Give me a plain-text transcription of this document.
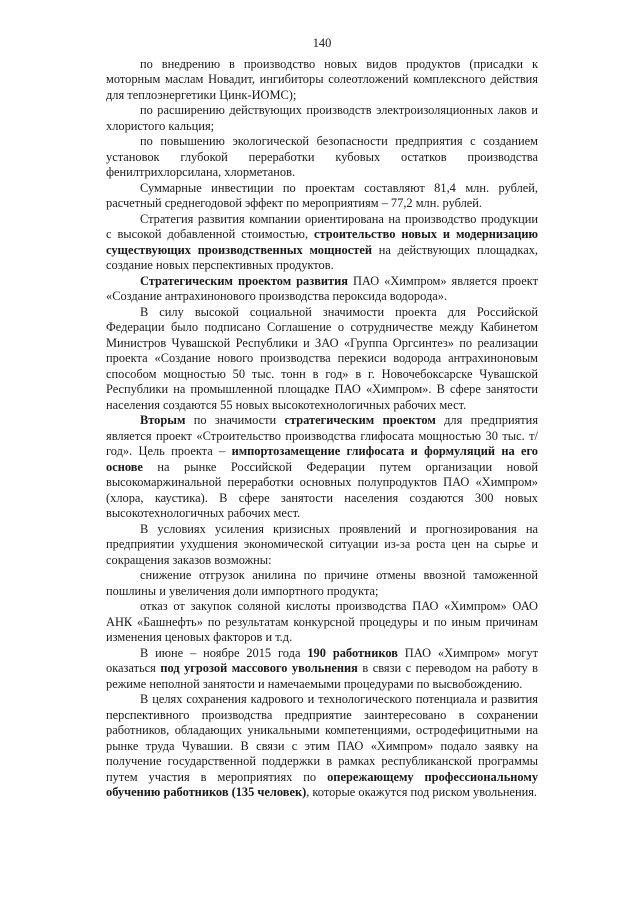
140

по внедрению в производство новых видов продуктов (присадки к моторным маслам Новадит, ингибиторы солеотложений комплексного действия для теплоэнергетики Цинк-ИОМС);

по расширению действующих производств электроизоляционных лаков и хлористого кальция;

по повышению экологической безопасности предприятия с созданием установок глубокой переработки кубовых остатков производства фенилтрихлорсилана, хлорметанов.

Суммарные инвестиции по проектам составляют 81,4 млн. рублей, расчетный среднегодовой эффект по мероприятиям – 77,2 млн. рублей.

Стратегия развития компании ориентирована на производство продукции с высокой добавленной стоимостью, строительство новых и модернизацию существующих производственных мощностей на действующих площадках, создание новых перспективных продуктов.

Стратегическим проектом развития ПАО «Химпром» является проект «Создание антрахинонового производства пероксида водорода».

В силу высокой социальной значимости проекта для Российской Федерации было подписано Соглашение о сотрудничестве между Кабинетом Министров Чувашской Республики и ЗАО «Группа Оргсинтез» по реализации проекта «Создание нового производства перекиси водорода антрахиноновым способом мощностью 50 тыс. тонн в год» в г. Новочебоксарске Чувашской Республики на промышленной площадке ПАО «Химпром». В сфере занятости населения создаются 55 новых высокотехнологичных рабочих мест.

Вторым по значимости стратегическим проектом для предприятия является проект «Строительство производства глифосата мощностью 30 тыс. т/год». Цель проекта – импортозамещение глифосата и формуляций на его основе на рынке Российской Федерации путем организации новой высокомаржинальной переработки основных полупродуктов ПАО «Химпром» (хлора, каустика). В сфере занятости населения создаются 300 новых высокотехнологичных рабочих мест.

В условиях усиления кризисных проявлений и прогнозирования на предприятии ухудшения экономической ситуации из-за роста цен на сырье и сокращения заказов возможны:

снижение отгрузок анилина по причине отмены ввозной таможенной пошлины и увеличения доли импортного продукта;

отказ от закупок соляной кислоты производства ПАО «Химпром» ОАО АНК «Башнефть» по результатам конкурсной процедуры и по иным причинам изменения ценовых факторов и т.д.

В июне – ноябре 2015 года 190 работников ПАО «Химпром» могут оказаться под угрозой массового увольнения в связи с переводом на работу в режиме неполной занятости и намечаемыми процедурами по высвобождению.

В целях сохранения кадрового и технологического потенциала и развития перспективного производства предприятие заинтересовано в сохранении работников, обладающих уникальными компетенциями, остродефицитными на рынке труда Чувашии. В связи с этим ПАО «Химпром» подало заявку на получение государственной поддержки в рамках республиканской программы путем участия в мероприятиях по опережающему профессиональному обучению работников (135 человек), которые окажутся под риском увольнения.
